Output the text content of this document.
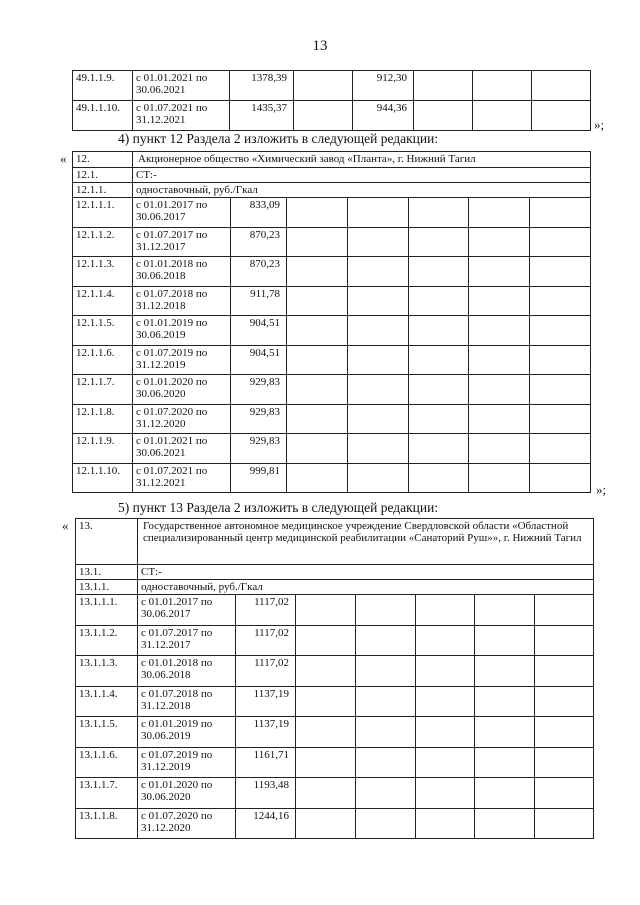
13
49.1.1.9.	с 01.01.2021 по 30.06.2021	1378,39		912,30			
49.1.1.10.	с 01.07.2021 по 31.12.2021	1435,37		944,36			
»;
4) пункт 12 Раздела 2 изложить в следующей редакции:
« 12.	Акционерное общество «Химический завод «Планта», г. Нижний Тагил						
12.1.	СТ:-						
12.1.1.	одноставочный, руб./Гкал						
12.1.1.1.	с 01.01.2017 по 30.06.2017	833,09					
12.1.1.2.	с 01.07.2017 по 31.12.2017	870,23					
12.1.1.3.	с 01.01.2018 по 30.06.2018	870,23					
12.1.1.4.	с 01.07.2018 по 31.12.2018	911,78					
12.1.1.5.	с 01.01.2019 по 30.06.2019	904,51					
12.1.1.6.	с 01.07.2019 по 31.12.2019	904,51					
12.1.1.7.	с 01.01.2020 по 30.06.2020	929,83					
12.1.1.8.	с 01.07.2020 по 31.12.2020	929,83					
12.1.1.9.	с 01.01.2021 по 30.06.2021	929,83					
12.1.1.10.	с 01.07.2021 по 31.12.2021	999,81					
»;
5) пункт 13 Раздела 2 изложить в следующей редакции:
« 13.	Государственное автономное медицинское учреждение Свердловской области «Областной специализированный центр медицинской реабилитации «Санаторий Руш»», г. Нижний Тагил						
13.1.	СТ:-						
13.1.1.	одноставочный, руб./Гкал						
13.1.1.1.	с 01.01.2017 по 30.06.2017	1117,02					
13.1.1.2.	с 01.07.2017 по 31.12.2017	1117,02					
13.1.1.3.	с 01.01.2018 по 30.06.2018	1117,02					
13.1.1.4.	с 01.07.2018 по 31.12.2018	1137,19					
13.1.1.5.	с 01.01.2019 по 30.06.2019	1137,19					
13.1.1.6.	с 01.07.2019 по 31.12.2019	1161,71					
13.1.1.7.	с 01.01.2020 по 30.06.2020	1193,48					
13.1.1.8.	с 01.07.2020 по 31.12.2020	1244,16					
